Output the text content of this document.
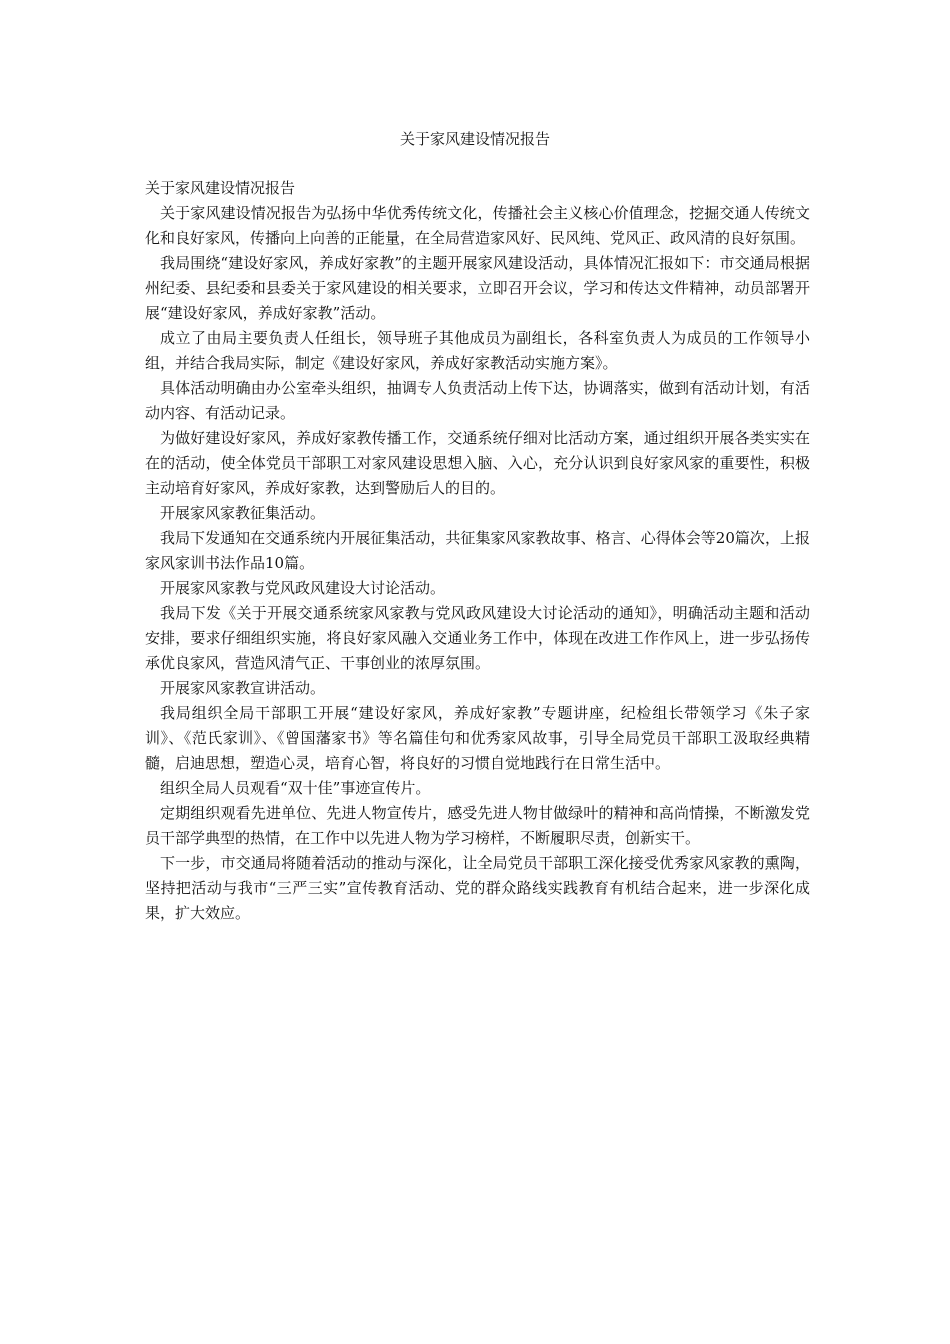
关于家风建设情况报告

关于家风建设情况报告

关于家风建设情况报告为弘扬中华优秀传统文化，传播社会主义核心价值理念，挖掘交通人传统文化和良好家风，传播向上向善的正能量，在全局营造家风好、民风纯、党风正、政风清的良好氛围。

我局围绕“建设好家风，养成好家教”的主题开展家风建设活动，具体情况汇报如下：市交通局根据州纪委、县纪委和县委关于家风建设的相关要求，立即召开会议，学习和传达文件精神，动员部署开展“建设好家风，养成好家教”活动。

成立了由局主要负责人任组长，领导班子其他成员为副组长，各科室负责人为成员的工作领导小组，并结合我局实际，制定《建设好家风，养成好家教活动实施方案》。

具体活动明确由办公室牵头组织，抽调专人负责活动上传下达，协调落实，做到有活动计划，有活动内容、有活动记录。

为做好建设好家风，养成好家教传播工作，交通系统仔细对比活动方案，通过组织开展各类实实在在的活动，使全体党员干部职工对家风建设思想入脑、入心，充分认识到良好家风家的重要性，积极主动培育好家风，养成好家教，达到警励后人的目的。

开展家风家教征集活动。

我局下发通知在交通系统内开展征集活动，共征集家风家教故事、格言、心得体会等20篇次，上报家风家训书法作品10篇。

开展家风家教与党风政风建设大讨论活动。

我局下发《关于开展交通系统家风家教与党风政风建设大讨论活动的通知》，明确活动主题和活动安排，要求仔细组织实施，将良好家风融入交通业务工作中，体现在改进工作作风上，进一步弘扬传承优良家风，营造风清气正、干事创业的浓厚氛围。

开展家风家教宣讲活动。

我局组织全局干部职工开展“建设好家风，养成好家教”专题讲座，纪检组长带领学习《朱子家训》、《范氏家训》、《曾国藩家书》等名篇佳句和优秀家风故事，引导全局党员干部职工汲取经典精髓，启迪思想，塑造心灵，培育心智，将良好的习惯自觉地践行在日常生活中。

组织全局人员观看“双十佳”事迹宣传片。

定期组织观看先进单位、先进人物宣传片，感受先进人物甘做绿叶的精神和高尚情操，不断激发党员干部学典型的热情，在工作中以先进人物为学习榜样，不断履职尽责，创新实干。

下一步，市交通局将随着活动的推动与深化，让全局党员干部职工深化接受优秀家风家教的熏陶，坚持把活动与我市“三严三实”宣传教育活动、党的群众路线实践教育有机结合起来，进一步深化成果，扩大效应。
